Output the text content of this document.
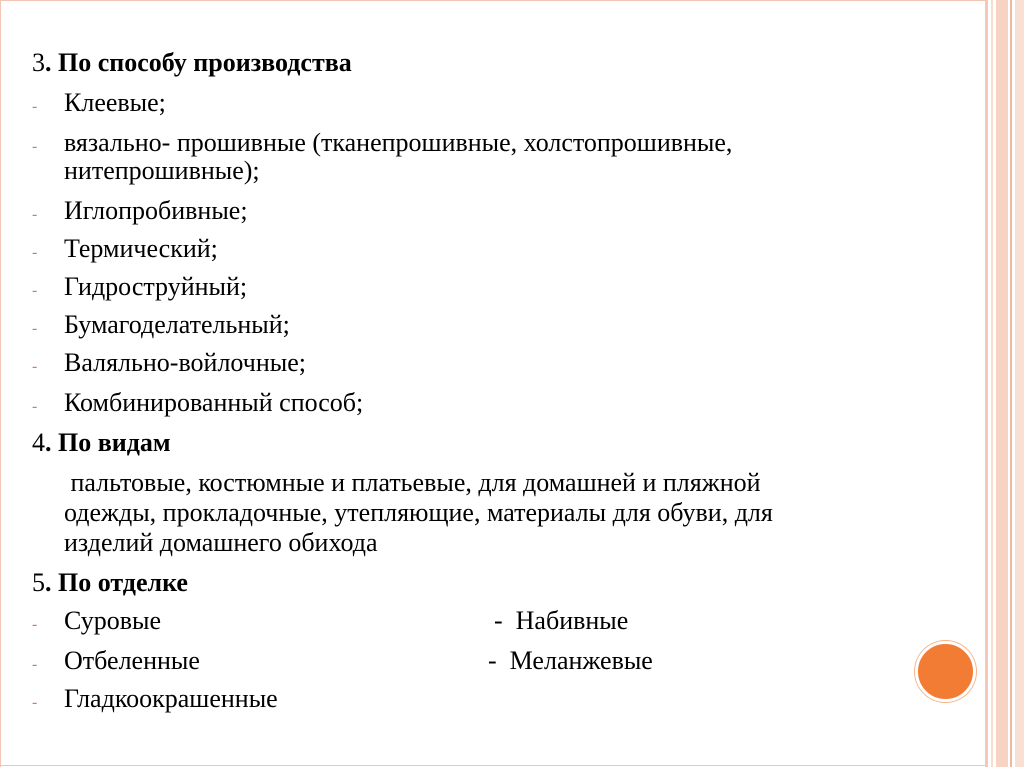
3. По способу производства
- Клеевые;
- вязально- прошивные (тканепрошивные, холстопрошивные,
нитепрошивные);
- Иглопробивные;
- Термический;
- Гидроструйный;
- Бумагоделательный;
- Валяльно-войлочные;
- Комбинированный способ;
4. По видам
пальтовые, костюмные и платьевые, для домашней и пляжной
одежды, прокладочные, утепляющие, материалы для обуви, для
изделий домашнего обихода
5. По отделке
- Суровые	-  Набивные
- Отбеленные	-  Меланжевые
- Гладкоокрашенные
